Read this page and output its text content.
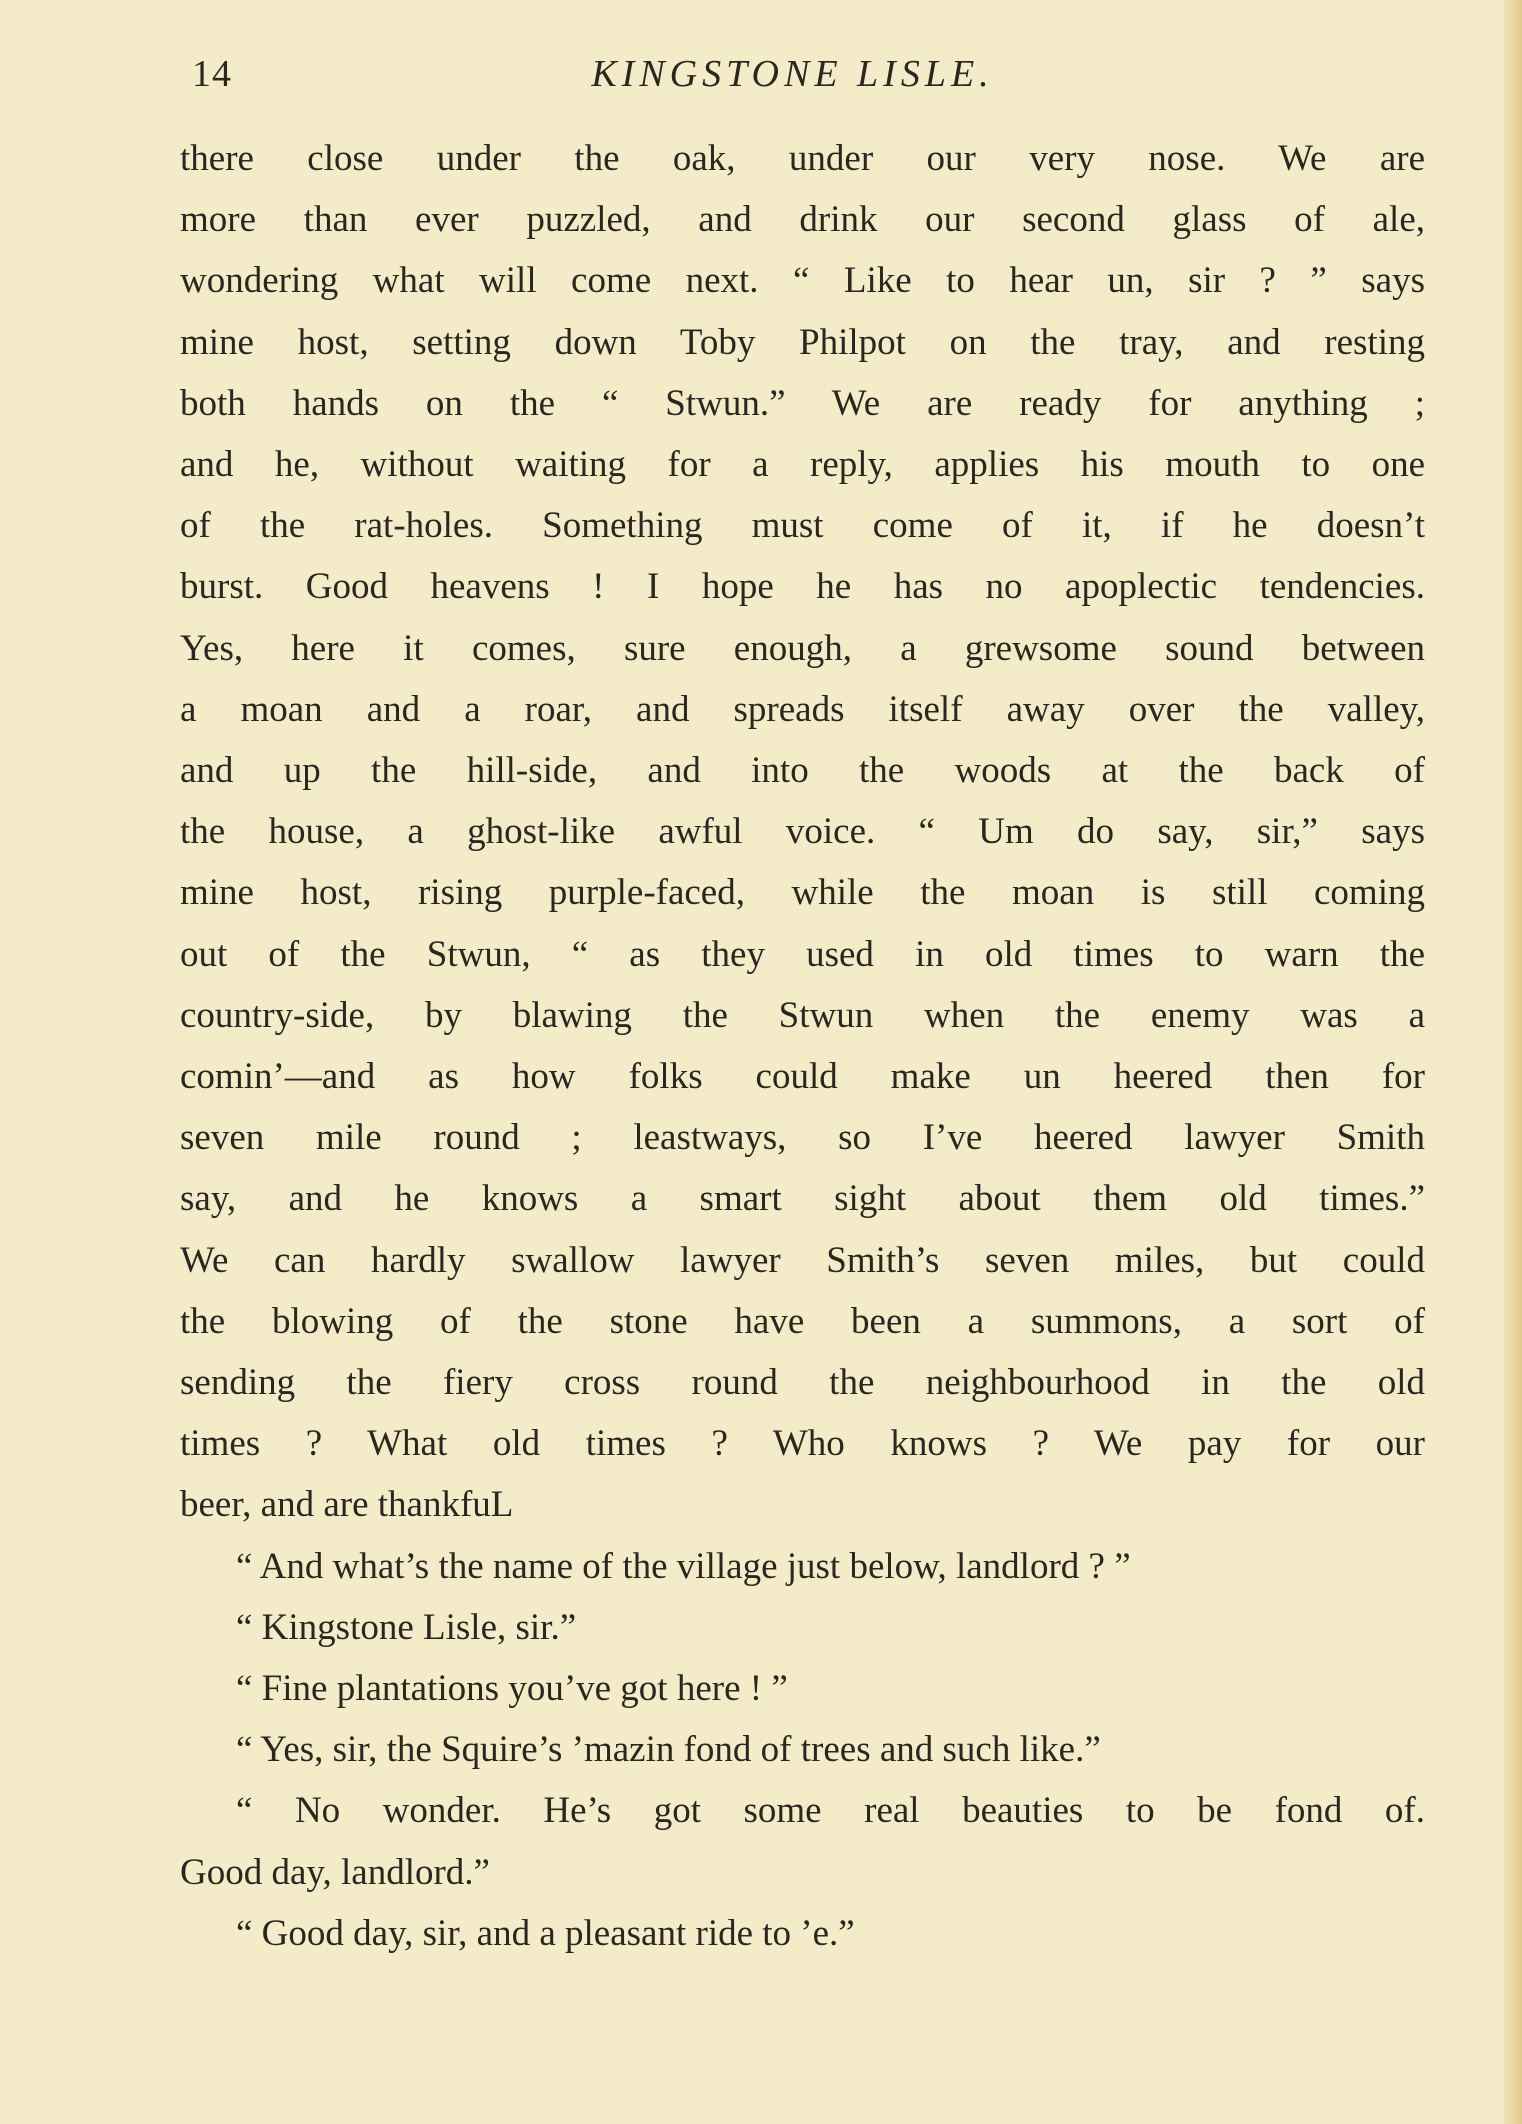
14	KINGSTONE LISLE.
there close under the oak, under our very nose. We are
more than ever puzzled, and drink our second glass of ale,
wondering what will come next. “ Like to hear un, sir ? ” says
mine host, setting down Toby Philpot on the tray, and resting
both hands on the “ Stwun.” We are ready for anything ;
and he, without waiting for a reply, applies his mouth to one
of the rat-holes. Something must come of it, if he doesn’t
burst. Good heavens ! I hope he has no apoplectic tendencies.
Yes, here it comes, sure enough, a grewsome sound between
a moan and a roar, and spreads itself away over the valley,
and up the hill-side, and into the woods at the back of
the house, a ghost-like awful voice. “ Um do say, sir,” says
mine host, rising purple-faced, while the moan is still coming
out of the Stwun, “ as they used in old times to warn the
country-side, by blawing the Stwun when the enemy was a
comin’—and as how folks could make un heered then for
seven mile round ; leastways, so I’ve heered lawyer Smith
say, and he knows a smart sight about them old times.”
We can hardly swallow lawyer Smith’s seven miles, but could
the blowing of the stone have been a summons, a sort of
sending the fiery cross round the neighbourhood in the old
times ? What old times ? Who knows ? We pay for our
beer, and are thankfuL
“ And what’s the name of the village just below, landlord ? ”
“ Kingstone Lisle, sir.”
“ Fine plantations you’ve got here ! ”
“ Yes, sir, the Squire’s ’mazin fond of trees and such like.”
“ No wonder. He’s got some real beauties to be fond of.
Good day, landlord.”
“ Good day, sir, and a pleasant ride to ’e.”
